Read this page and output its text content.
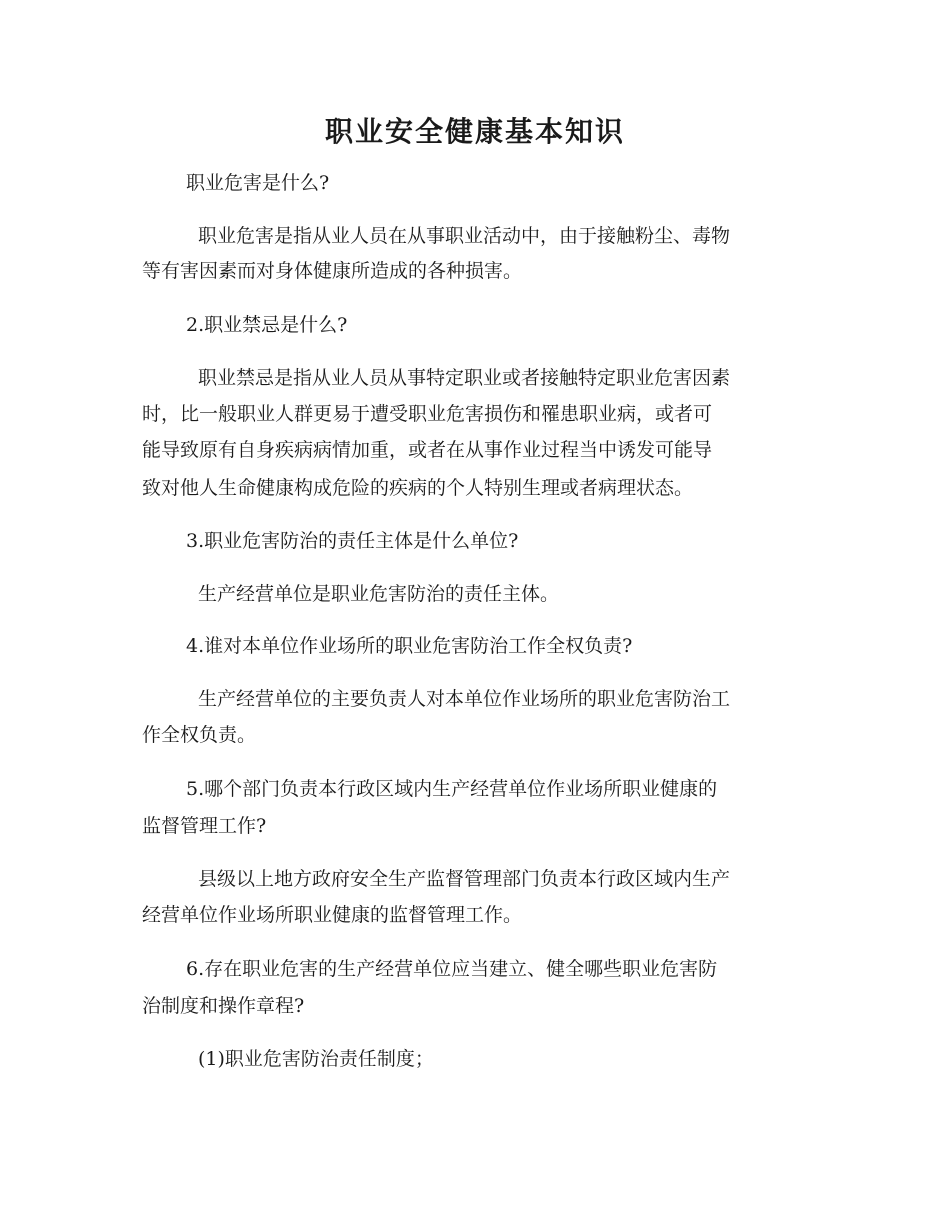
职业安全健康基本知识
职业危害是什么?
职业危害是指从业人员在从事职业活动中，由于接触粉尘、毒物
等有害因素而对身体健康所造成的各种损害。
2.职业禁忌是什么?
职业禁忌是指从业人员从事特定职业或者接触特定职业危害因素
时，比一般职业人群更易于遭受职业危害损伤和罹患职业病，或者可
能导致原有自身疾病病情加重，或者在从事作业过程当中诱发可能导
致对他人生命健康构成危险的疾病的个人特别生理或者病理状态。
3.职业危害防治的责任主体是什么单位?
生产经营单位是职业危害防治的责任主体。
4.谁对本单位作业场所的职业危害防治工作全权负责?
生产经营单位的主要负责人对本单位作业场所的职业危害防治工
作全权负责。
5.哪个部门负责本行政区域内生产经营单位作业场所职业健康的
监督管理工作?
县级以上地方政府安全生产监督管理部门负责本行政区域内生产
经营单位作业场所职业健康的监督管理工作。
6.存在职业危害的生产经营单位应当建立、健全哪些职业危害防
治制度和操作章程?
(1)职业危害防治责任制度；
